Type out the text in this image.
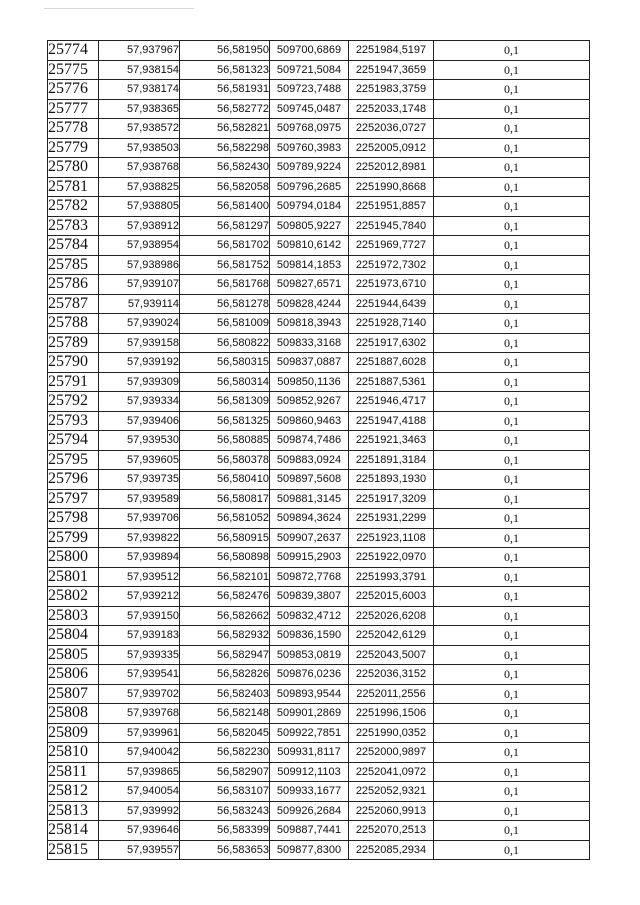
25774	57,937967	56,581950	509700,6869	2251984,5197	0,1
25775	57,938154	56,581323	509721,5084	2251947,3659	0,1
25776	57,938174	56,581931	509723,7488	2251983,3759	0,1
25777	57,938365	56,582772	509745,0487	2252033,1748	0,1
25778	57,938572	56,582821	509768,0975	2252036,0727	0,1
25779	57,938503	56,582298	509760,3983	2252005,0912	0,1
25780	57,938768	56,582430	509789,9224	2252012,8981	0,1
25781	57,938825	56,582058	509796,2685	2251990,8668	0,1
25782	57,938805	56,581400	509794,0184	2251951,8857	0,1
25783	57,938912	56,581297	509805,9227	2251945,7840	0,1
25784	57,938954	56,581702	509810,6142	2251969,7727	0,1
25785	57,938986	56,581752	509814,1853	2251972,7302	0,1
25786	57,939107	56,581768	509827,6571	2251973,6710	0,1
25787	57,939114	56,581278	509828,4244	2251944,6439	0,1
25788	57,939024	56,581009	509818,3943	2251928,7140	0,1
25789	57,939158	56,580822	509833,3168	2251917,6302	0,1
25790	57,939192	56,580315	509837,0887	2251887,6028	0,1
25791	57,939309	56,580314	509850,1136	2251887,5361	0,1
25792	57,939334	56,581309	509852,9267	2251946,4717	0,1
25793	57,939406	56,581325	509860,9463	2251947,4188	0,1
25794	57,939530	56,580885	509874,7486	2251921,3463	0,1
25795	57,939605	56,580378	509883,0924	2251891,3184	0,1
25796	57,939735	56,580410	509897,5608	2251893,1930	0,1
25797	57,939589	56,580817	509881,3145	2251917,3209	0,1
25798	57,939706	56,581052	509894,3624	2251931,2299	0,1
25799	57,939822	56,580915	509907,2637	2251923,1108	0,1
25800	57,939894	56,580898	509915,2903	2251922,0970	0,1
25801	57,939512	56,582101	509872,7768	2251993,3791	0,1
25802	57,939212	56,582476	509839,3807	2252015,6003	0,1
25803	57,939150	56,582662	509832,4712	2252026,6208	0,1
25804	57,939183	56,582932	509836,1590	2252042,6129	0,1
25805	57,939335	56,582947	509853,0819	2252043,5007	0,1
25806	57,939541	56,582826	509876,0236	2252036,3152	0,1
25807	57,939702	56,582403	509893,9544	2252011,2556	0,1
25808	57,939768	56,582148	509901,2869	2251996,1506	0,1
25809	57,939961	56,582045	509922,7851	2251990,0352	0,1
25810	57,940042	56,582230	509931,8117	2252000,9897	0,1
25811	57,939865	56,582907	509912,1103	2252041,0972	0,1
25812	57,940054	56,583107	509933,1677	2252052,9321	0,1
25813	57,939992	56,583243	509926,2684	2252060,9913	0,1
25814	57,939646	56,583399	509887,7441	2252070,2513	0,1
25815	57,939557	56,583653	509877,8300	2252085,2934	0,1
